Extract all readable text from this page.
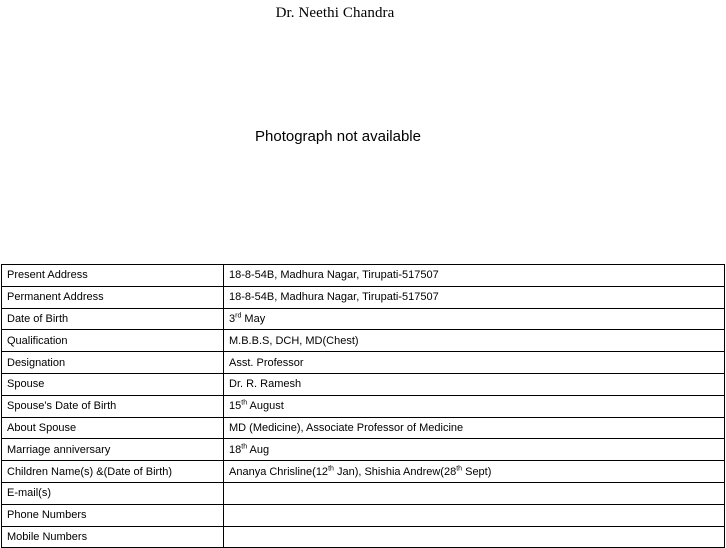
Dr. Neethi Chandra
Photograph not available
Present Address	18-8-54B, Madhura Nagar, Tirupati-517507
Permanent Address	18-8-54B, Madhura Nagar, Tirupati-517507
Date of Birth	3rd May
Qualification	M.B.B.S, DCH, MD(Chest)
Designation	Asst. Professor
Spouse	Dr. R. Ramesh
Spouse’s Date of Birth	15th August
About Spouse	MD (Medicine), Associate Professor of Medicine
Marriage anniversary	18th Aug
Children Name(s) &(Date of Birth)	Ananya Chrisline(12th Jan), Shishia Andrew(28th Sept)
E-mail(s)	
Phone Numbers	
Mobile Numbers	
